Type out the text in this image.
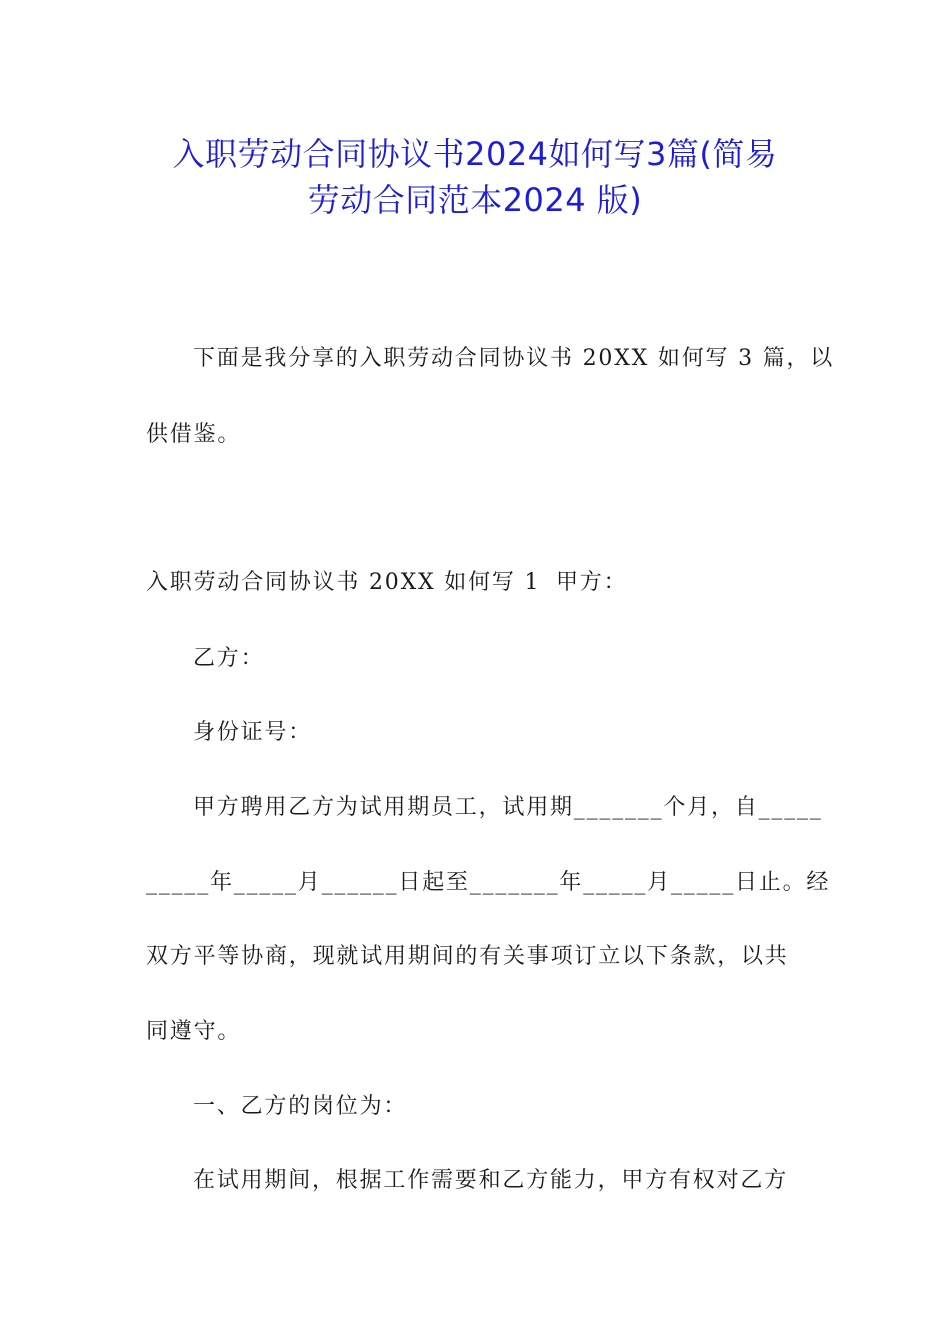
入职劳动合同协议书2024如何写3篇(简易
劳动合同范本2024 版)
下面是我分享的入职劳动合同协议书 20XX 如何写 3 篇，以
供借鉴。
入职劳动合同协议书 20XX 如何写 1 甲方：
乙方：
身份证号：
甲方聘用乙方为试用期员工，试用期_______个月，自_____
_____年_____月______日起至_______年_____月_____日止。经
双方平等协商，现就试用期间的有关事项订立以下条款，以共
同遵守。
一、乙方的岗位为：
在试用期间，根据工作需要和乙方能力，甲方有权对乙方
